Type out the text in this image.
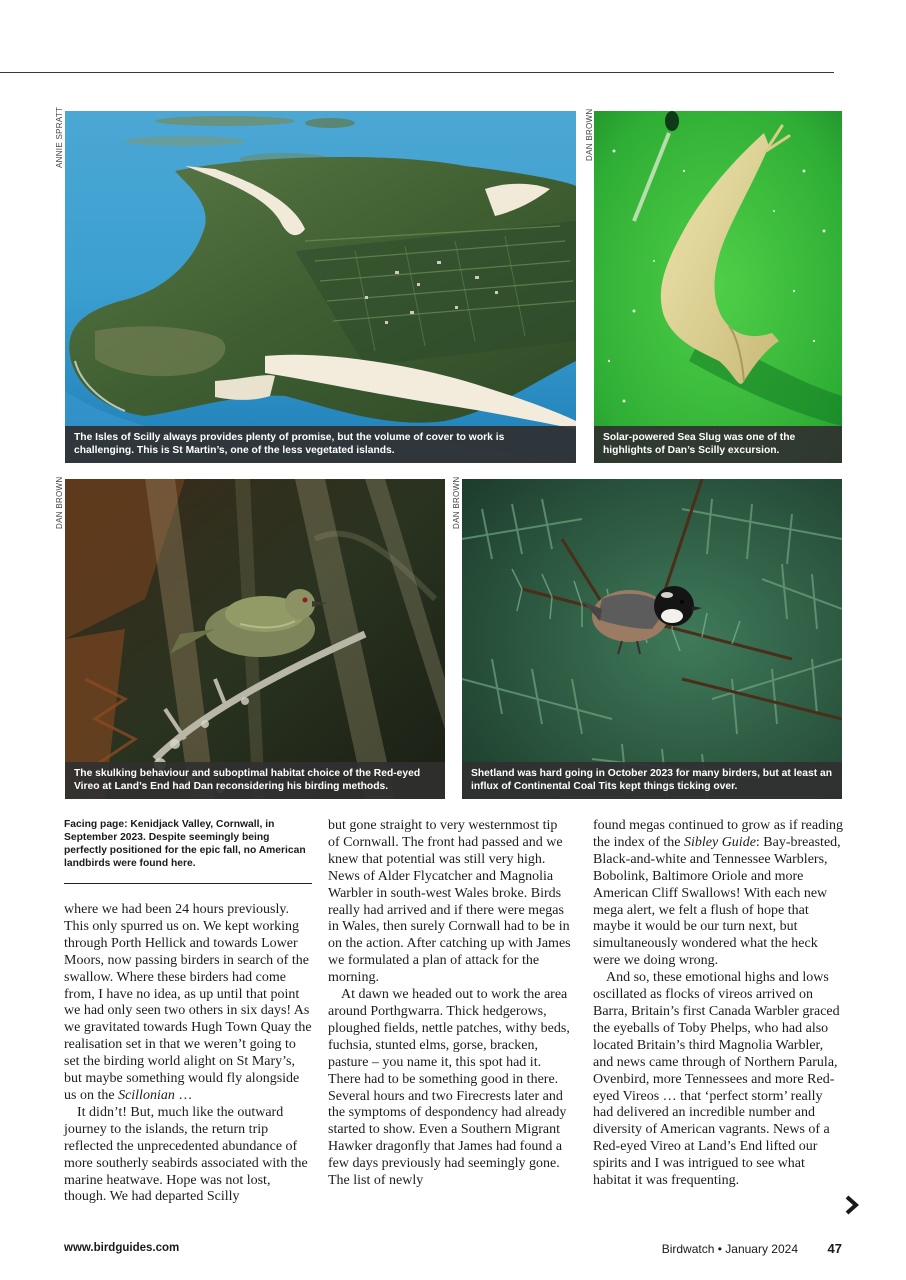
ANNIE SPRATT
The Isles of Scilly always provides plenty of promise, but the volume of cover to work is challenging. This is St Martin’s, one of the less vegetated islands.
DAN BROWN
Solar-powered Sea Slug was one of the highlights of Dan’s Scilly excursion.
DAN BROWN
The skulking behaviour and suboptimal habitat choice of the Red-eyed Vireo at Land’s End had Dan reconsidering his birding methods.
DAN BROWN
Shetland was hard going in October 2023 for many birders, but at least an influx of Continental Coal Tits kept things ticking over.
Facing page: Kenidjack Valley, Cornwall, in September 2023. Despite seemingly being perfectly positioned for the epic fall, no American landbirds were found here.

where we had been 24 hours previously. This only spurred us on. We kept working through Porth Hellick and towards Lower Moors, now passing birders in search of the swallow. Where these birders had come from, I have no idea, as up until that point we had only seen two others in six days! As we gravitated towards Hugh Town Quay the realisation set in that we weren’t going to set the birding world alight on St Mary’s, but maybe something would fly alongside us on the Scillonian …

It didn’t! But, much like the outward journey to the islands, the return trip reflected the unprecedented abundance of more southerly seabirds associated with the marine heatwave. Hope was not lost, though. We had departed Scilly

but gone straight to very westernmost tip of Cornwall. The front had passed and we knew that potential was still very high. News of Alder Flycatcher and Magnolia Warbler in south-west Wales broke. Birds really had arrived and if there were megas in Wales, then surely Cornwall had to be in on the action. After catching up with James we formulated a plan of attack for the morning.

At dawn we headed out to work the area around Porthgwarra. Thick hedgerows, ploughed fields, nettle patches, withy beds, fuchsia, stunted elms, gorse, bracken, pasture – you name it, this spot had it. There had to be something good in there. Several hours and two Firecrests later and the symptoms of despondency had already started to show. Even a Southern Migrant Hawker dragonfly that James had found a few days previously had seemingly gone. The list of newly

found megas continued to grow as if reading the index of the Sibley Guide: Bay-breasted, Black-and-white and Tennessee Warblers, Bobolink, Baltimore Oriole and more American Cliff Swallows! With each new mega alert, we felt a flush of hope that maybe it would be our turn next, but simultaneously wondered what the heck were we doing wrong.

And so, these emotional highs and lows oscillated as flocks of vireos arrived on Barra, Britain’s first Canada Warbler graced the eyeballs of Toby Phelps, who had also located Britain’s third Magnolia Warbler, and news came through of Northern Parula, Ovenbird, more Tennessees and more Red-eyed Vireos … that ‘perfect storm’ really had delivered an incredible number and diversity of American vagrants. News of a Red-eyed Vireo at Land’s End lifted our spirits and I was intrigued to see what habitat it was frequenting.

www.birdguides.com	Birdwatch • January 2024 47
